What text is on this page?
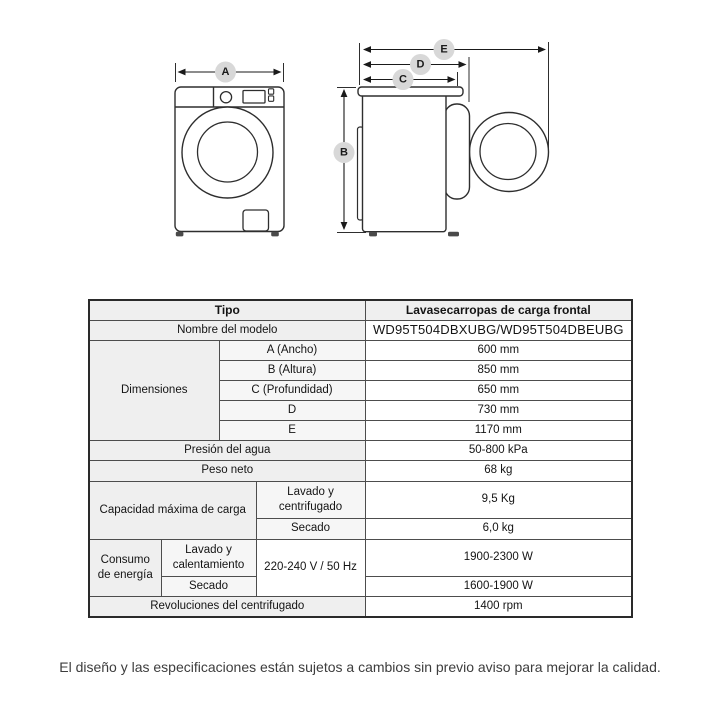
A
E
D
C
B
Tipo				Lavasecarropas de carga frontal
Nombre del modelo				WD95T504DBXUBG/WD95T504DBEUBG
Dimensiones		A (Ancho)		600 mm
		B (Altura)		850 mm
		C (Profundidad)		650 mm
		D		730 mm
		E		1170 mm
Presión del agua				50-800 kPa
Peso neto				68 kg
Capacidad máxima de carga			Lavado y centrifugado	9,5 Kg
			Secado	6,0 kg
Consumo de energía	Lavado y calentamiento		220-240 V / 50 Hz	1900-2300 W
	Secado			1600-1900 W
Revoluciones del centrifugado				1400 rpm
El diseño y las especificaciones están sujetos a cambios sin previo aviso para mejorar la calidad.
